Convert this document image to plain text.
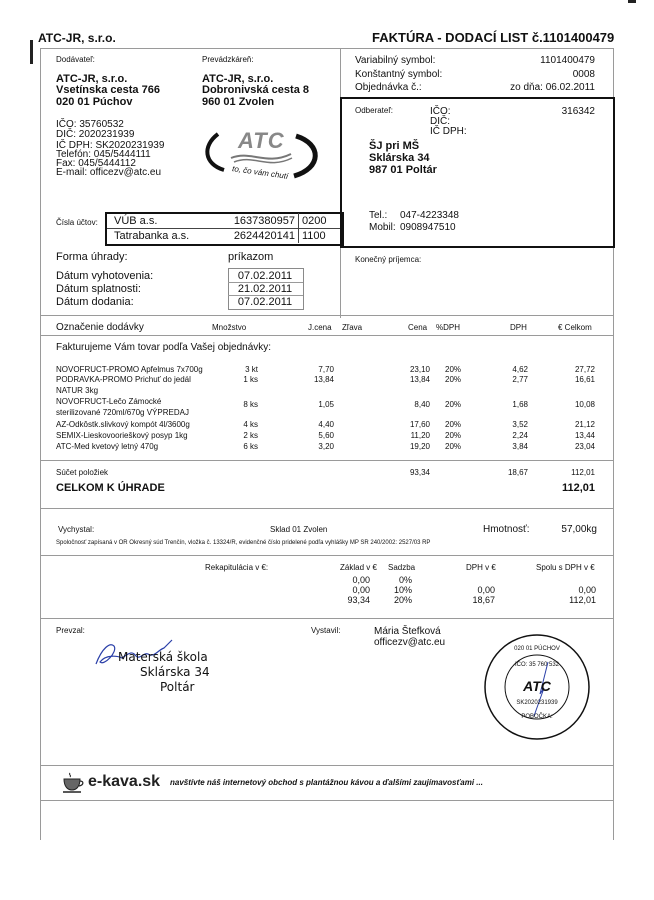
ATC-JR, s.r.o.	FAKTÚRA - DODACÍ LIST č.1101400479
Dodávateľ:
ATC-JR, s.r.o.
Vsetínska cesta 766
020 01 Púchov
IČO: 35760532
DIČ: 2020231939
IČ DPH: SK2020231939
Telefón: 045/5444111
Fax: 045/5444112
E-mail: officezv@atc.eu
Prevádzkáreň:
ATC-JR, s.r.o.
Dobronivská cesta 8
960 01 Zvolen
ATC
to, čo vám chutí
Variabilný symbol:	1101400479
Konštantný symbol:	0008
Objednávka č.:	zo dňa: 06.02.2011
Odberateľ:	IČO:	316342
DIČ:
IČ DPH:
ŠJ pri MŠ
Sklárska 34
987 01 Poltár
Tel.: 047-4223348
Mobil: 0908947510
Čísla účtov: VÚB a.s.	1637380957 0200
Tatrabanka a.s.	2624420141 1100
Forma úhrady:	príkazom
Dátum vyhotovenia:	07.02.2011
Dátum splatnosti:	21.02.2011
Dátum dodania:	07.02.2011
Konečný príjemca:
Označenie dodávky	Množstvo	J.cena Zľava	Cena %DPH	DPH	€ Celkom
Fakturujeme Vám tovar podľa Vašej objednávky:
NOVOFRUCT-PROMO Apfelmus 7x700g	3 kt	7,70	23,10 20%	4,62	27,72
PODRAVKA-PROMO Prichuť do jedál
NATUR 3kg
1 ks	13,84	13,84 20%	2,77	16,61
NOVOFRUCT-Lečo Zámocké
sterilizované 720ml/670g VÝPREDAJ
8 ks	1,05	8,40 20%	1,68	10,08
AZ-Odkôstk.slivkový kompót 4l/3600g	4 ks	4,40	17,60 20%	3,52	21,12
SEMIX-Lieskovoorieškový posyp 1kg	2 ks	5,60	11,20 20%	2,24	13,44
ATC-Med kvetový letný 470g	6 ks	3,20	19,20 20%	3,84	23,04
Súčet položiek	93,34	18,67	112,01
CELKOM K ÚHRADE	112,01
Vychystal:	Sklad 01 Zvolen	Hmotnosť:	57,00kg
Spoločnosť zapísaná v OR Okresný súd Trenčín, vložka č. 13324/R, evidenčné číslo pridelené podľa vyhlášky MP SR 240/2002: 2527/03 RP
Rekapitulácia v €:	Základ v € Sadzba	DPH v €	Spolu s DPH v €
0,00	0%
0,00	10%	0,00	0,00
93,34	20%	18,67	112,01
Prevzal:
Materská škola
Sklárska 34
Poltár
Vystavil:	Mária Štefková
officezv@atc.eu
020 01 PÚCHOV
IČO: 35 760 532
ATC
SK2020231939
POBOČKA:
e-kava.sk navštívte náš internetový obchod s plantážnou kávou a ďalšími zaujímavosťami ...
